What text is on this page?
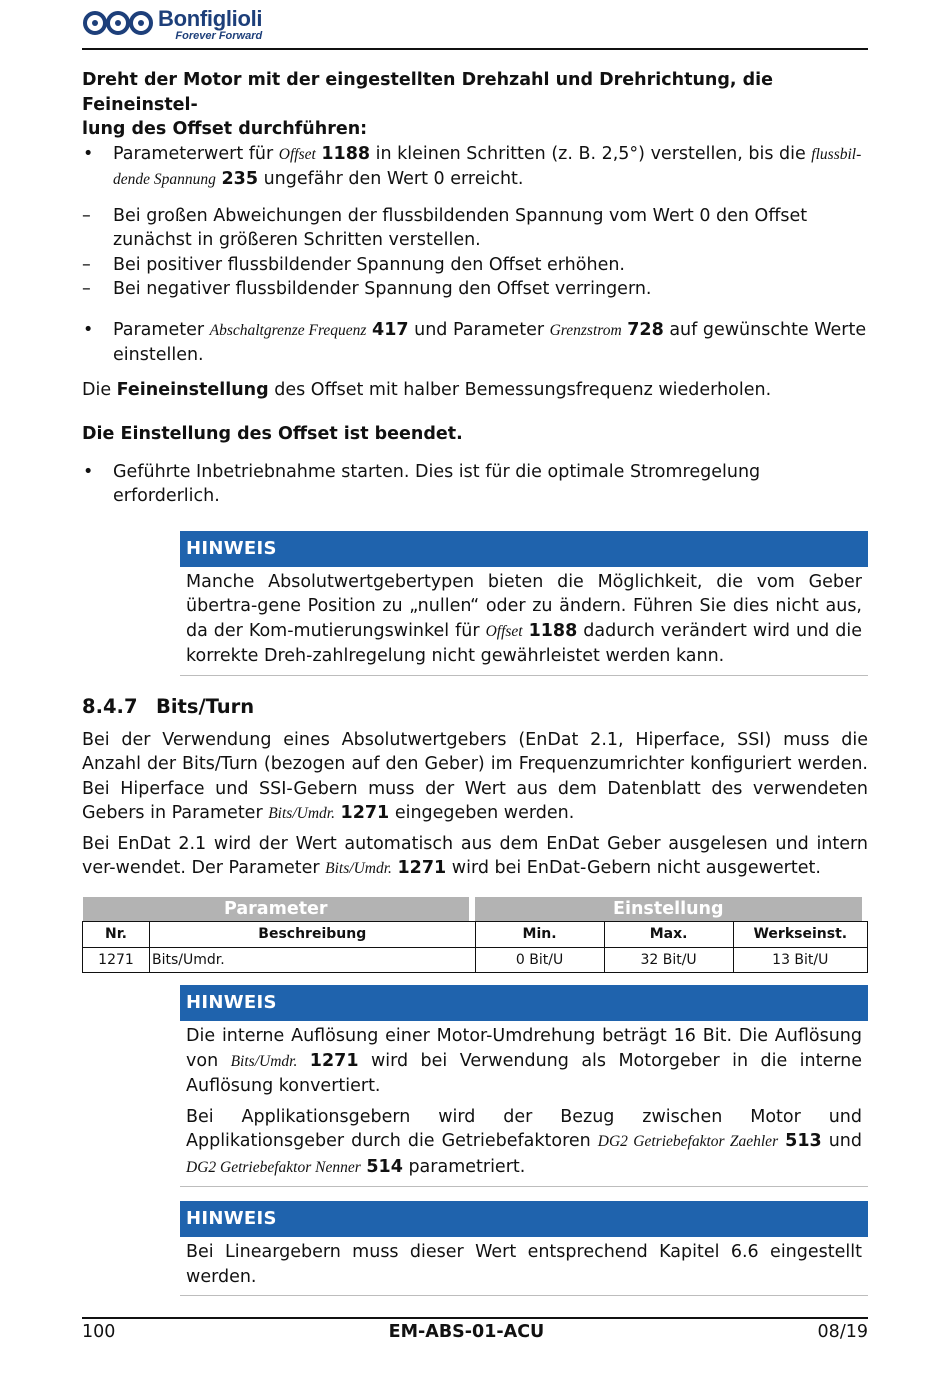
Bonfiglioli
Forever Forward

Dreht der Motor mit der eingestellten Drehzahl und Drehrichtung, die Feineinstel-
lung des Offset durchführen:

• Parameterwert für Offset 1188 in kleinen Schritten (z. B. 2,5°) verstellen, bis die flussbil-dende Spannung 235 ungefähr den Wert 0 erreicht.

– Bei großen Abweichungen der flussbildenden Spannung vom Wert 0 den Offset zunächst in größeren Schritten verstellen.

– Bei positiver flussbildender Spannung den Offset erhöhen.

– Bei negativer flussbildender Spannung den Offset verringern.

• Parameter Abschaltgrenze Frequenz 417 und Parameter Grenzstrom 728 auf gewünschte Werte einstellen.

Die Feineinstellung des Offset mit halber Bemessungsfrequenz wiederholen.

Die Einstellung des Offset ist beendet.

• Geführte Inbetriebnahme starten. Dies ist für die optimale Stromregelung erforderlich.

HINWEIS
Manche Absolutwertgebertypen bieten die Möglichkeit, die vom Geber übertra-gene Position zu „nullen“ oder zu ändern. Führen Sie dies nicht aus, da der Kom-mutierungswinkel für Offset 1188 dadurch verändert wird und die korrekte Dreh-zahlregelung nicht gewährleistet werden kann.
8.4.7 Bits/Turn

Bei der Verwendung eines Absolutwertgebers (EnDat 2.1, Hiperface, SSI) muss die Anzahl der Bits/Turn (bezogen auf den Geber) im Frequenzumrichter konfiguriert werden. Bei Hiperface und SSI-Gebern muss der Wert aus dem Datenblatt des verwendeten Gebers in Parameter Bits/Umdr. 1271 eingegeben werden.

Bei EnDat 2.1 wird der Wert automatisch aus dem EnDat Geber ausgelesen und intern ver-wendet. Der Parameter Bits/Umdr. 1271 wird bei EnDat-Gebern nicht ausgewertet.

Parameter			Einstellung			
Nr.	Beschreibung		Min.	Max.	Werkseinst.	
1271	Bits/Umdr.		0 Bit/U	32 Bit/U	13 Bit/U	
HINWEIS

Die interne Auflösung einer Motor-Umdrehung beträgt 16 Bit. Die Auflösung von Bits/Umdr. 1271 wird bei Verwendung als Motorgeber in die interne Auflösung konvertiert.

Bei Applikationsgebern wird der Bezug zwischen Motor und Applikationsgeber durch die Getriebefaktoren DG2 Getriebefaktor Zaehler 513 und DG2 Getriebefaktor Nenner 514 parametriert.

HINWEIS
Bei Lineargebern muss dieser Wert entsprechend Kapitel 6.6 eingestellt werden.
100	EM-ABS-01-ACU	08/19
